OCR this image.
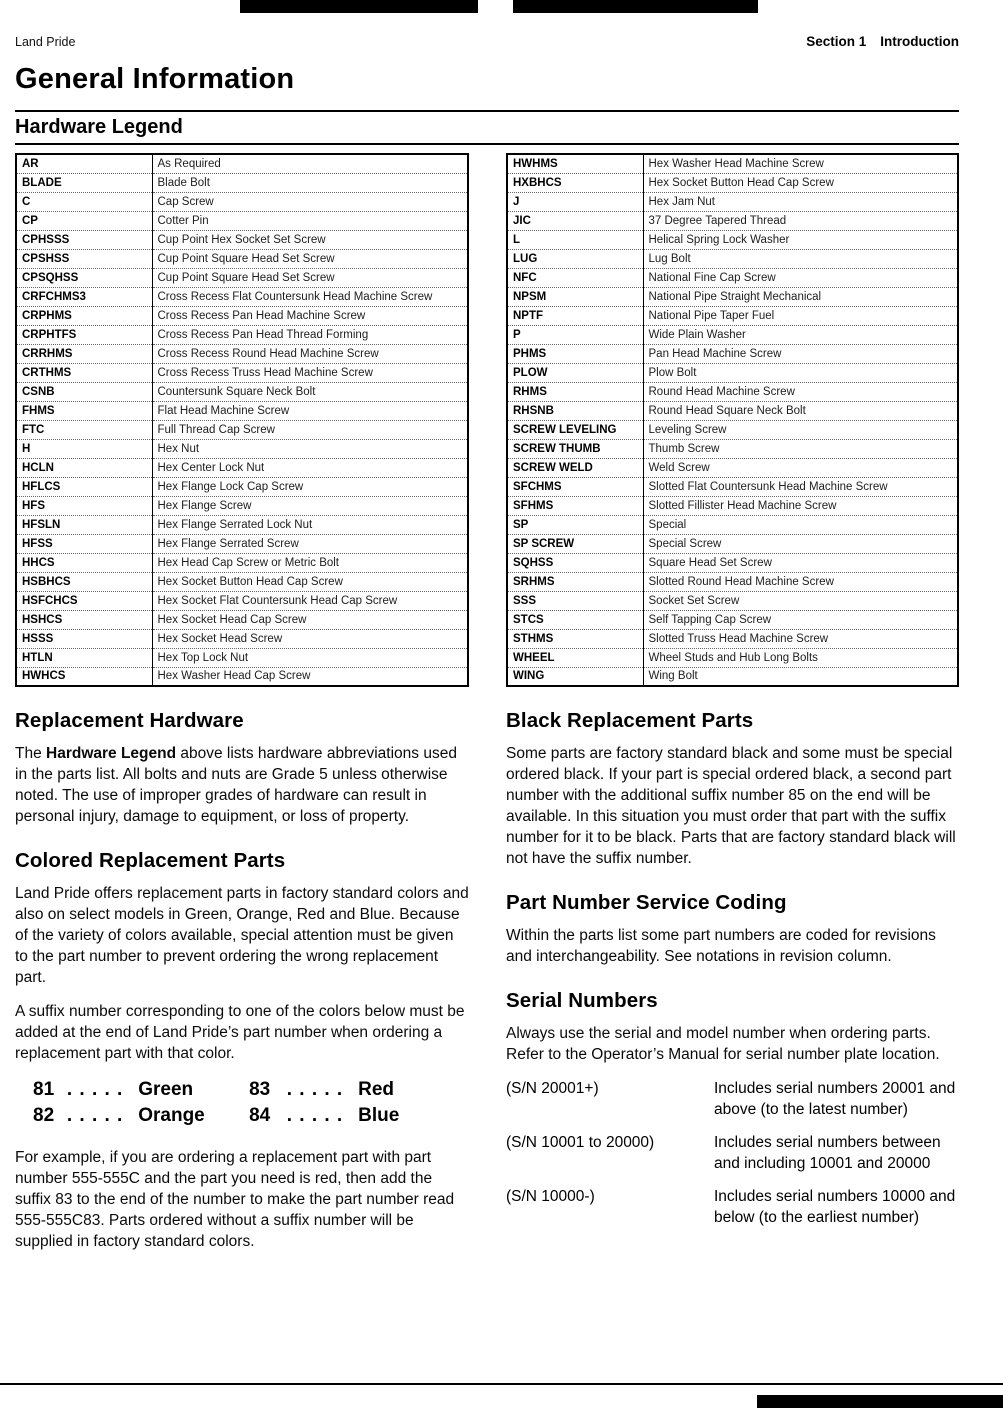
Land Pride	Section 1 Introduction
General Information
Hardware Legend
AR	As Required
BLADE	Blade Bolt
C	Cap Screw
CP	Cotter Pin
CPHSSS	Cup Point Hex Socket Set Screw
CPSHSS	Cup Point Square Head Set Screw
CPSQHSS	Cup Point Square Head Set Screw
CRFCHMS3	Cross Recess Flat Countersunk Head Machine Screw
CRPHMS	Cross Recess Pan Head Machine Screw
CRPHTFS	Cross Recess Pan Head Thread Forming
CRRHMS	Cross Recess Round Head Machine Screw
CRTHMS	Cross Recess Truss Head Machine Screw
CSNB	Countersunk Square Neck Bolt
FHMS	Flat Head Machine Screw
FTC	Full Thread Cap Screw
H	Hex Nut
HCLN	Hex Center Lock Nut
HFLCS	Hex Flange Lock Cap Screw
HFS	Hex Flange Screw
HFSLN	Hex Flange Serrated Lock Nut
HFSS	Hex Flange Serrated Screw
HHCS	Hex Head Cap Screw or Metric Bolt
HSBHCS	Hex Socket Button Head Cap Screw
HSFCHCS	Hex Socket Flat Countersunk Head Cap Screw
HSHCS	Hex Socket Head Cap Screw
HSSS	Hex Socket Head Screw
HTLN	Hex Top Lock Nut
HWHCS	Hex Washer Head Cap Screw
HWHMS	Hex Washer Head Machine Screw
HXBHCS	Hex Socket Button Head Cap Screw
J	Hex Jam Nut
JIC	37 Degree Tapered Thread
L	Helical Spring Lock Washer
LUG	Lug Bolt
NFC	National Fine Cap Screw
NPSM	National Pipe Straight Mechanical
NPTF	National Pipe Taper Fuel
P	Wide Plain Washer
PHMS	Pan Head Machine Screw
PLOW	Plow Bolt
RHMS	Round Head Machine Screw
RHSNB	Round Head Square Neck Bolt
SCREW LEVELING	Leveling Screw
SCREW THUMB	Thumb Screw
SCREW WELD	Weld Screw
SFCHMS	Slotted Flat Countersunk Head Machine Screw
SFHMS	Slotted Fillister Head Machine Screw
SP	Special
SP SCREW	Special Screw
SQHSS	Square Head Set Screw
SRHMS	Slotted Round Head Machine Screw
SSS	Socket Set Screw
STCS	Self Tapping Cap Screw
STHMS	Slotted Truss Head Machine Screw
WHEEL	Wheel Studs and Hub Long Bolts
WING	Wing Bolt
Replacement Hardware

The Hardware Legend above lists hardware abbreviations used in the parts list. All bolts and nuts are Grade 5 unless otherwise noted. The use of improper grades of hardware can result in personal injury, damage to equipment, or loss of property.

Colored Replacement Parts

Land Pride offers replacement parts in factory standard colors and also on select models in Green, Orange, Red and Blue. Because of the variety of colors available, special attention must be given to the part number to prevent ordering the wrong replacement part.

A suffix number corresponding to one of the colors below must be added at the end of Land Pride’s part number when ordering a replacement part with that color.

81 . . . . . Green	83 . . . . . Red
82 . . . . . Orange	84 . . . . . Blue

For example, if you are ordering a replacement part with part number 555-555C and the part you need is red, then add the suffix 83 to the end of the number to make the part number read 555-555C83. Parts ordered without a suffix number will be supplied in factory standard colors.

Black Replacement Parts

Some parts are factory standard black and some must be special ordered black. If your part is special ordered black, a second part number with the additional suffix number 85 on the end will be available. In this situation you must order that part with the suffix number for it to be black. Parts that are factory standard black will not have the suffix number.

Part Number Service Coding

Within the parts list some part numbers are coded for revisions and interchangeability. See notations in revision column.

Serial Numbers

Always use the serial and model number when ordering parts. Refer to the Operator’s Manual for serial number plate location.

(S/N 20001+)	Includes serial numbers 20001 and above (to the latest number)
(S/N 10001 to 20000)	Includes serial numbers between and including 10001 and 20000
(S/N 10000-)	Includes serial numbers 10000 and below (to the earliest number)
